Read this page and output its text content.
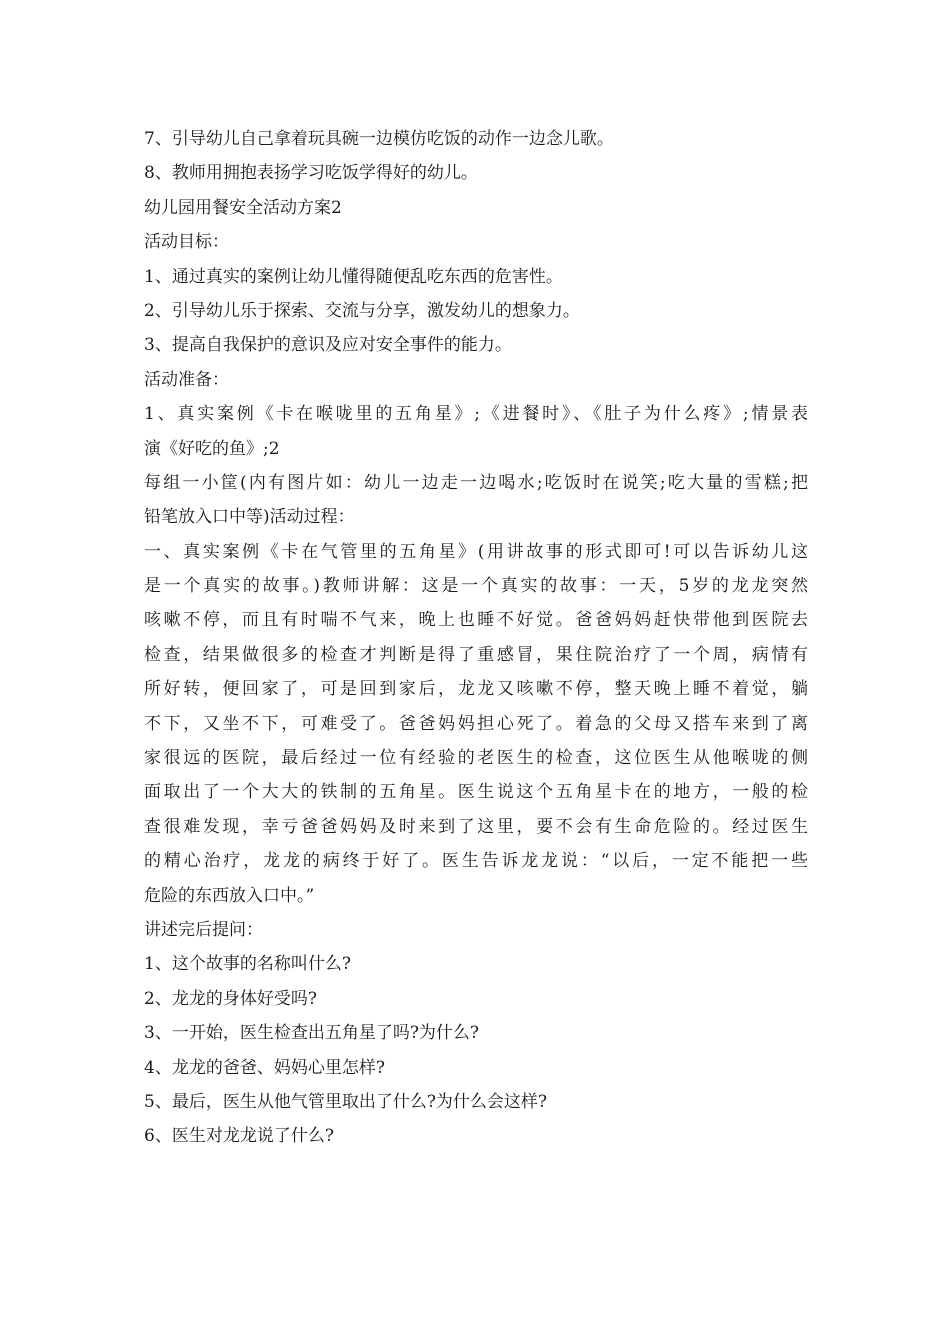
7、引导幼儿自己拿着玩具碗一边模仿吃饭的动作一边念儿歌。
8、教师用拥抱表扬学习吃饭学得好的幼儿。
幼儿园用餐安全活动方案2
活动目标：
1、通过真实的案例让幼儿懂得随便乱吃东西的危害性。
2、引导幼儿乐于探索、交流与分享，激发幼儿的想象力。
3、提高自我保护的意识及应对安全事件的能力。
活动准备：
1、真实案例《卡在喉咙里的五角星》;《进餐时》、《肚子为什么疼》;情景表
演《好吃的鱼》;2
每组一小筐(内有图片如：幼儿一边走一边喝水;吃饭时在说笑;吃大量的雪糕;把
铅笔放入口中等)活动过程：
一、真实案例《卡在气管里的五角星》(用讲故事的形式即可!可以告诉幼儿这
是一个真实的故事。)教师讲解：这是一个真实的故事：一天，5岁的龙龙突然
咳嗽不停，而且有时喘不气来，晚上也睡不好觉。爸爸妈妈赶快带他到医院去
检查，结果做很多的检查才判断是得了重感冒，果住院治疗了一个周，病情有
所好转，便回家了，可是回到家后，龙龙又咳嗽不停，整天晚上睡不着觉，躺
不下，又坐不下，可难受了。爸爸妈妈担心死了。着急的父母又搭车来到了离
家很远的医院，最后经过一位有经验的老医生的检查，这位医生从他喉咙的侧
面取出了一个大大的铁制的五角星。医生说这个五角星卡在的地方，一般的检
查很难发现，幸亏爸爸妈妈及时来到了这里，要不会有生命危险的。经过医生
的精心治疗，龙龙的病终于好了。医生告诉龙龙说：“以后，一定不能把一些
危险的东西放入口中。”
讲述完后提问：
1、这个故事的名称叫什么?
2、龙龙的身体好受吗?
3、一开始，医生检查出五角星了吗?为什么?
4、龙龙的爸爸、妈妈心里怎样?
5、最后，医生从他气管里取出了什么?为什么会这样?
6、医生对龙龙说了什么?
